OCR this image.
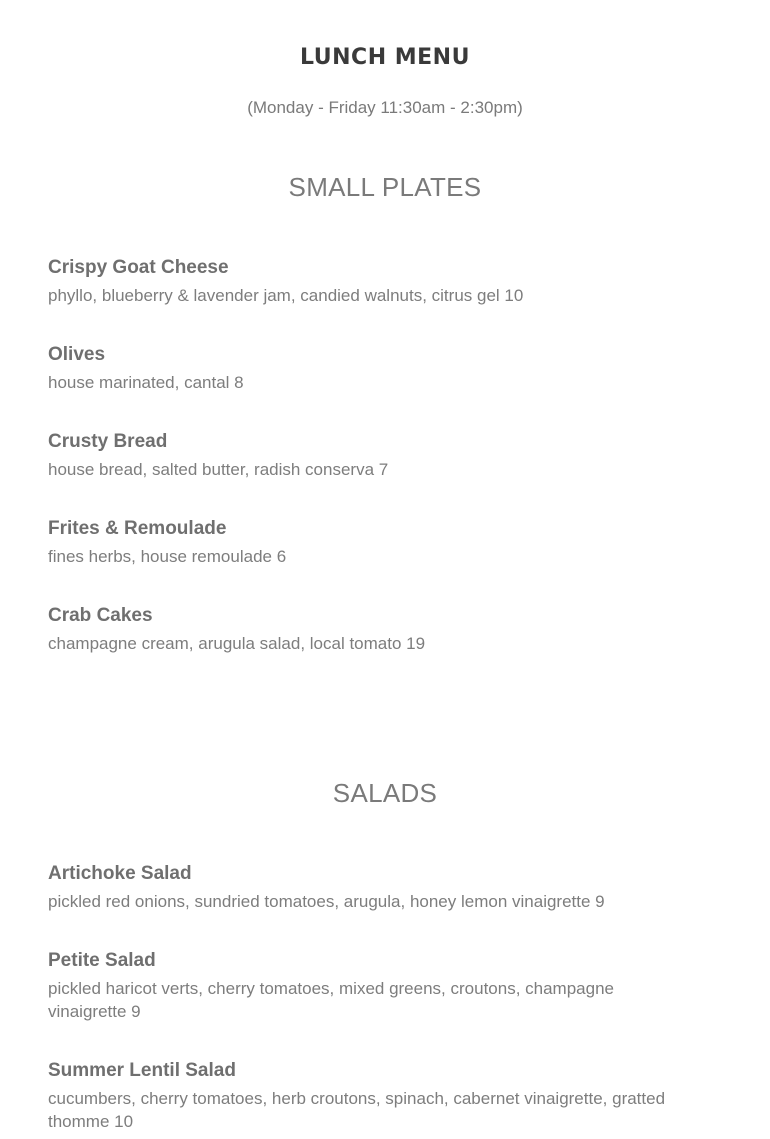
LUNCH MENU

(Monday - Friday 11:30am - 2:30pm)

SMALL PLATES

Crispy Goat Cheese

phyllo, blueberry & lavender jam, candied walnuts, citrus gel 10

Olives

house marinated, cantal 8

Crusty Bread

house bread, salted butter, radish conserva 7

Frites & Remoulade

fines herbs, house remoulade 6

Crab Cakes

champagne cream, arugula salad, local tomato 19

SALADS

Artichoke Salad

pickled red onions, sundried tomatoes, arugula, honey lemon vinaigrette 9

Petite Salad

pickled haricot verts, cherry tomatoes, mixed greens, croutons, champagne vinaigrette 9

Summer Lentil Salad

cucumbers, cherry tomatoes, herb croutons, spinach, cabernet vinaigrette, gratted thomme 10
